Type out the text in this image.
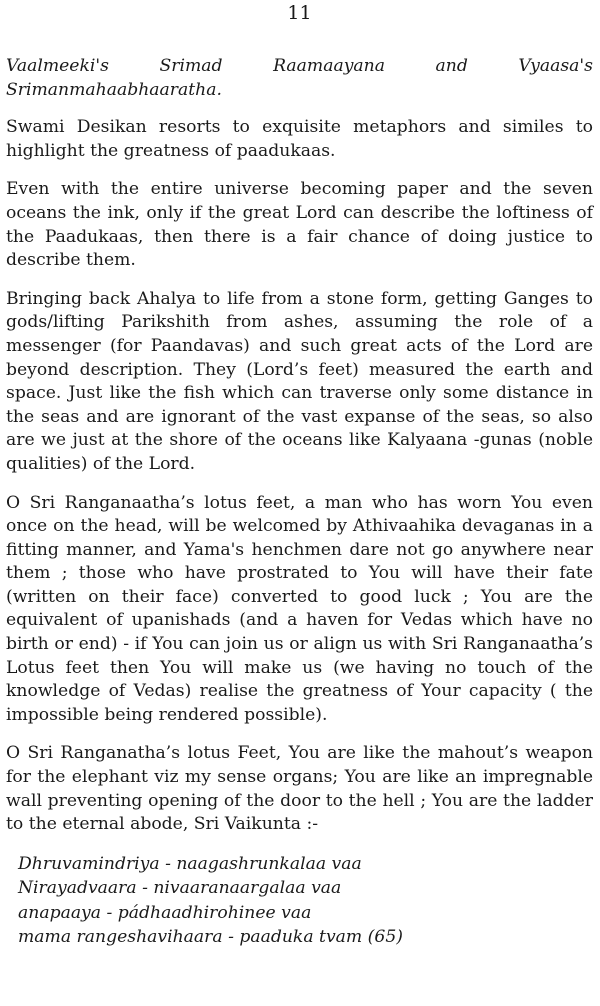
11
Vaalmeeki's	Srimad	Raamaayana	and	Vyaasa's
Srimanmahaabhaaratha.

Swami Desikan resorts to exquisite metaphors and similes to highlight the greatness of paadukaas.

Even with the entire universe becoming paper and the seven oceans the ink, only if the great Lord can describe the loftiness of the Paadukaas, then there is a fair chance of doing justice to describe them.

Bringing back Ahalya to life from a stone form, getting Ganges to gods/lifting Parikshith from ashes, assuming the role of a messenger (for Paandavas) and such great acts of the Lord are beyond description. They (Lord’s feet) measured the earth and space. Just like the fish which can traverse only some distance in the seas and are ignorant of the vast expanse of the seas, so also are we just at the shore of the oceans like Kalyaana -gunas (noble qualities) of the Lord.

O Sri Ranganaatha’s lotus feet, a man who has worn You even once on the head, will be welcomed by Athivaahika devaganas in a fitting manner, and Yama's henchmen dare not go anywhere near them ; those who have prostrated to You will have their fate (written on their face) converted to good luck ; You are the equivalent of upanishads (and a haven for Vedas which have no birth or end) - if You can join us or align us with Sri Ranganaatha’s Lotus feet then You will make us (we having no touch of the knowledge of Vedas) realise the greatness of Your capacity ( the impossible being rendered possible).

O Sri Ranganatha’s lotus Feet, You are like the mahout’s weapon for the elephant viz my sense organs; You are like an impregnable wall preventing opening of the door to the hell ; You are the ladder to the eternal abode, Sri Vaikunta :-

Dhruvamindriya - naagashrunkalaa vaa
Nirayadvaara - nivaaranaargalaa vaa
anapaaya - pádhaadhirohinee vaa
mama rangeshavihaara - paaduka tvam (65)
